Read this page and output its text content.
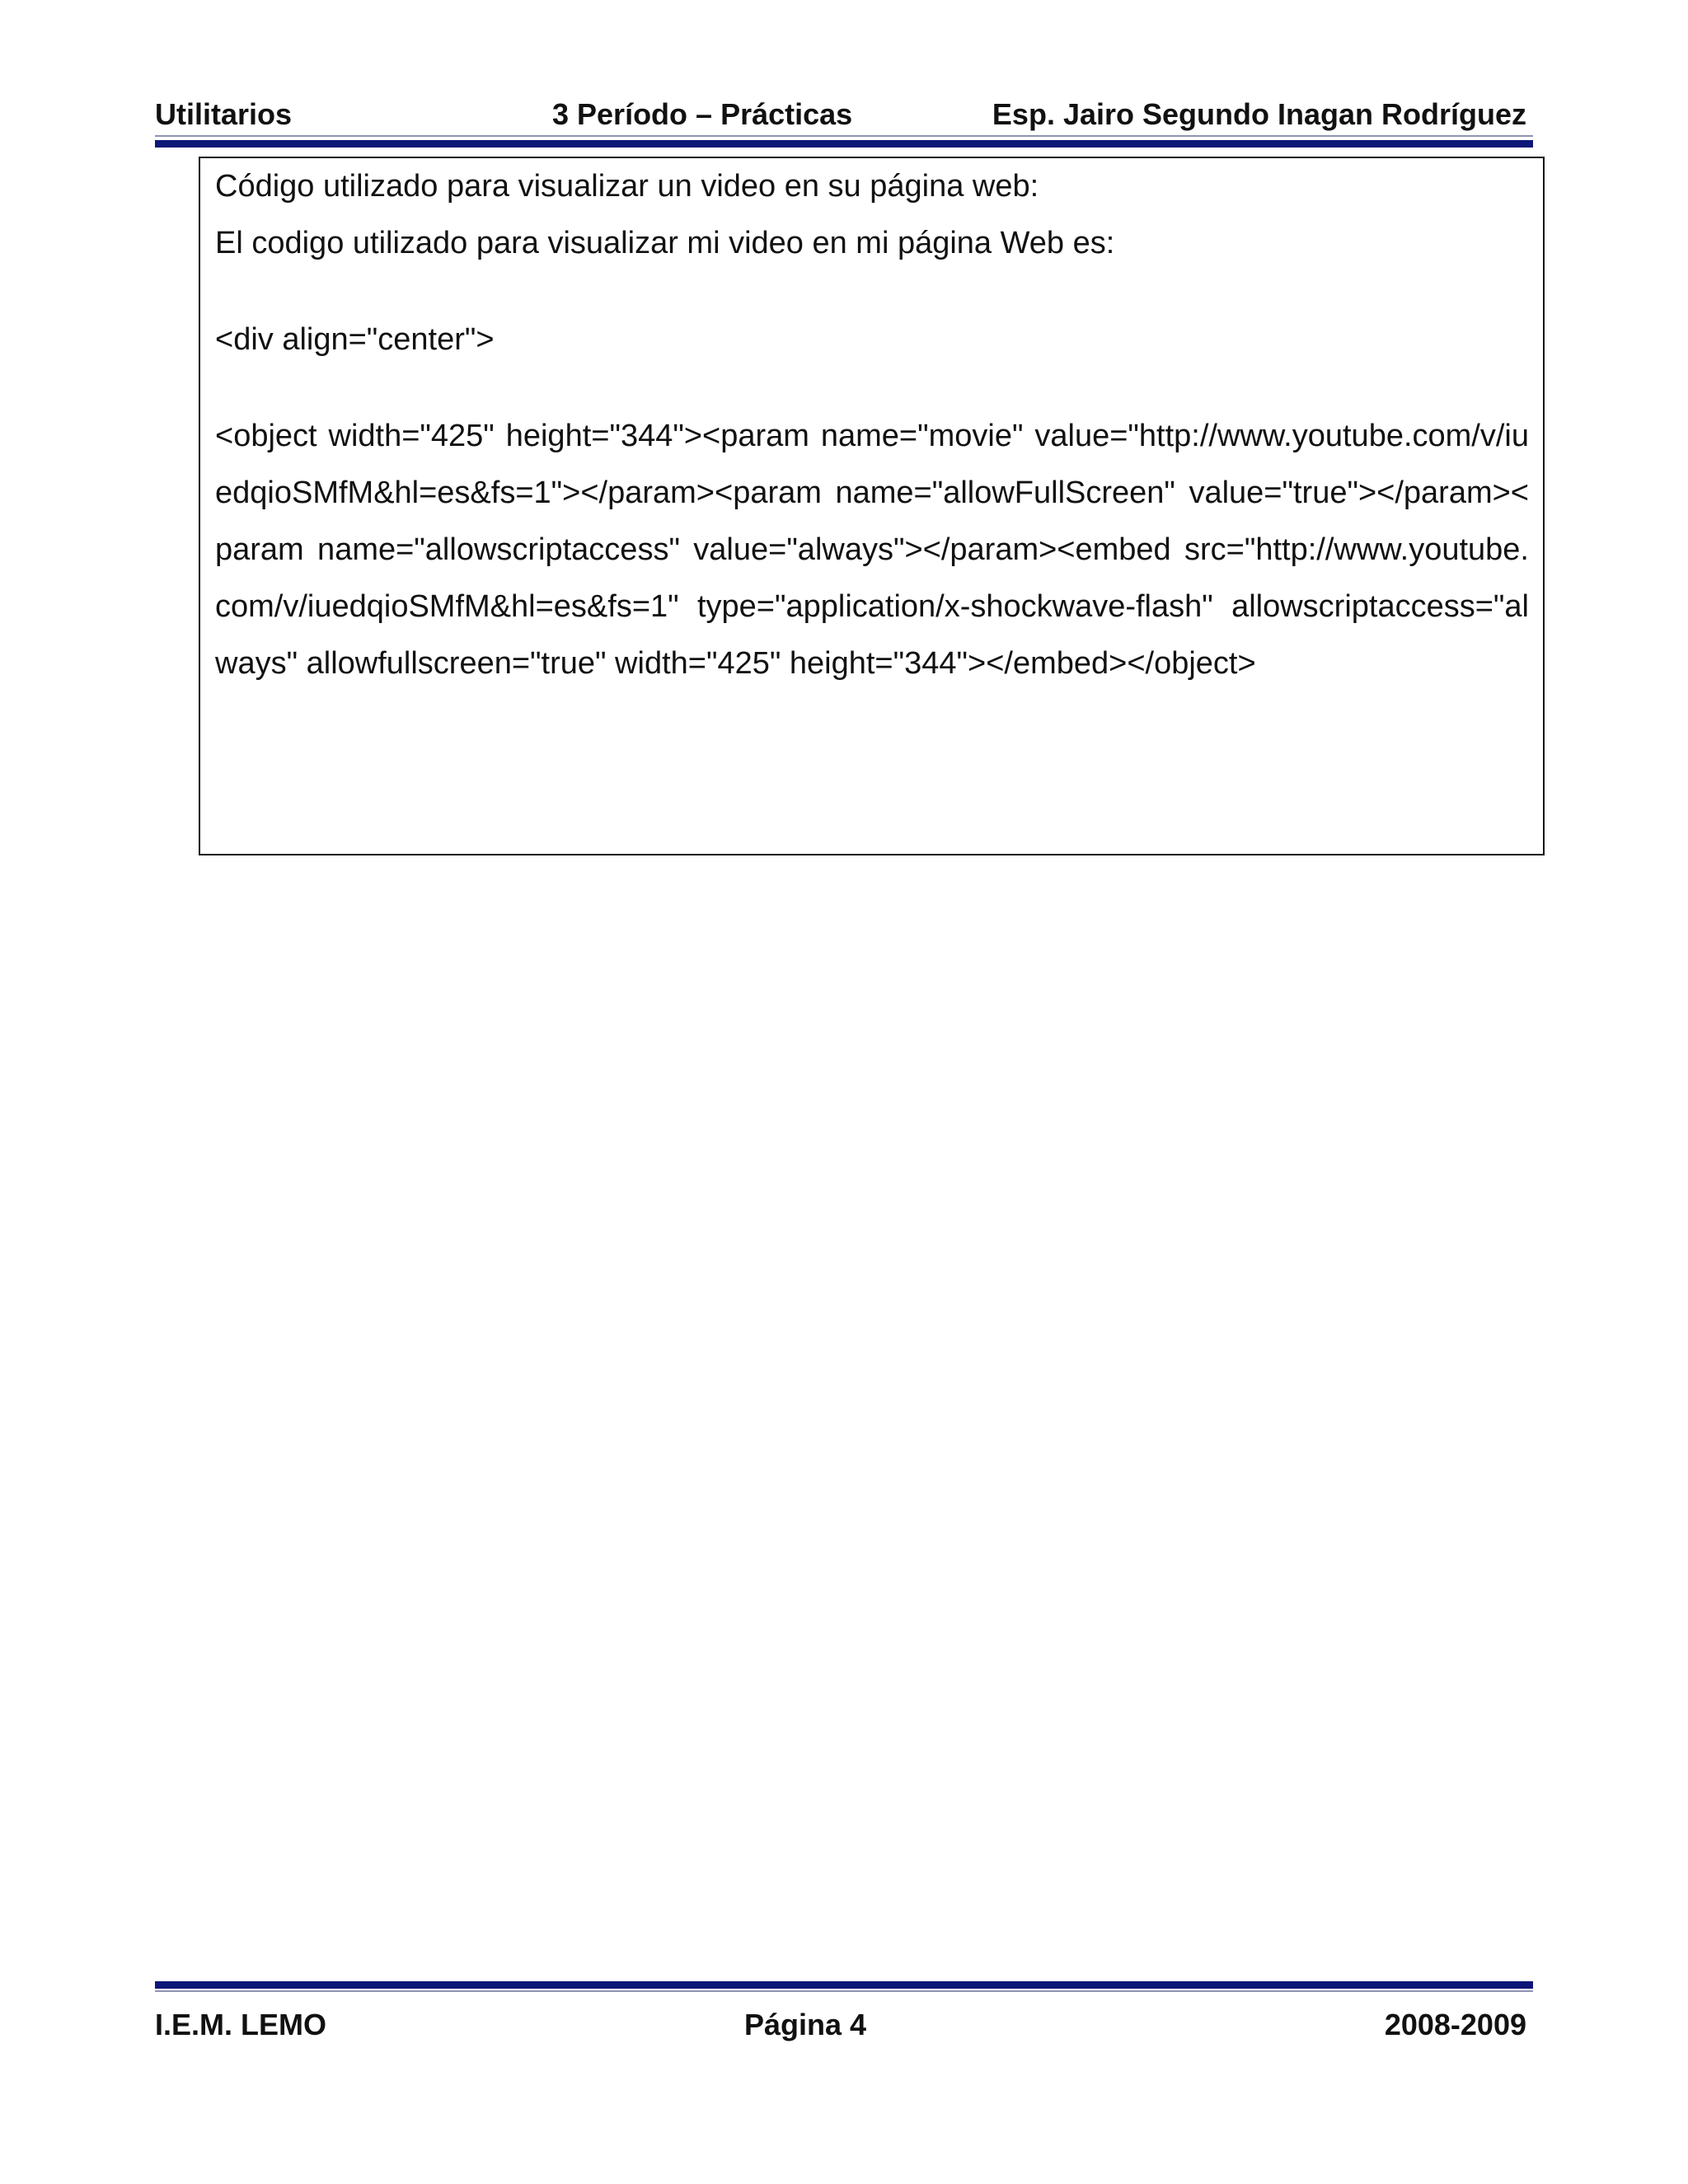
Utilitarios	3 Período – Prácticas	Esp. Jairo Segundo Inagan Rodríguez

Código utilizado para visualizar un video en su página web:

El codigo utilizado para visualizar mi video en mi página Web es:

<div align="center">

<object width="425" height="344"><param name="movie" value="http://www.youtube.com/v/iuedqioSMfM&hl=es&fs=1"></param><param name="allowFullScreen" value="true"></param><param name="allowscriptaccess" value="always"></param><embed src="http://www.youtube.com/v/iuedqioSMfM&hl=es&fs=1" type="application/x-shockwave-flash" allowscriptaccess="always" allowfullscreen="true" width="425" height="344"></embed></object>

I.E.M. LEMO	Página 4	2008-2009
